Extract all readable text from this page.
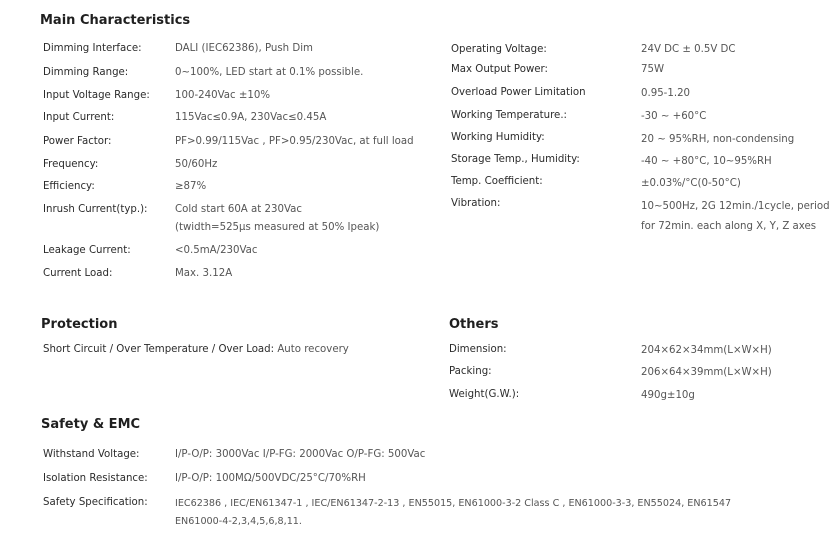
Main Characteristics
Dimming Interface:	DALI (IEC62386), Push Dim
Dimming Range:	0~100%, LED start at 0.1% possible.
Input Voltage Range: 100-240Vac ±10%
Input Current:	115Vac≤0.9A, 230Vac≤0.45A
Power Factor:	PF>0.99/115Vac , PF>0.95/230Vac, at full load
Frequency:	50/60Hz
Efficiency:	≥87%
Inrush Current(typ.):	Cold start 60A at 230Vac
(twidth=525μs measured at 50% Ipeak)
Leakage Current:	<0.5mA/230Vac
Current Load:	Max. 3.12A
Operating Voltage:	24V DC ± 0.5V DC
Max Output Power:	75W
Overload Power Limitation	0.95-1.20
Working Temperature.:	-30 ~ +60°C
Working Humidity:	20 ~ 95%RH, non-condensing
Storage Temp., Humidity:	-40 ~ +80°C, 10~95%RH
Temp. Coefficient:	±0.03%/°C(0-50°C)
Vibration:	10~500Hz, 2G 12min./1cycle, period
for 72min. each along X, Y, Z axes
Protection
Short Circuit / Over Temperature / Over Load: Auto recovery
Others
Dimension:	204×62×34mm(L×W×H)
Packing:	206×64×39mm(L×W×H)
Weight(G.W.):	490g±10g
Safety & EMC
Withstand Voltage:	I/P-O/P: 3000Vac I/P-FG: 2000Vac O/P-FG: 500Vac
Isolation Resistance:	I/P-O/P: 100MΩ/500VDC/25°C/70%RH
Safety Specification:	IEC62386 , IEC/EN61347-1 , IEC/EN61347-2-13 , EN55015, EN61000-3-2 Class C , EN61000-3-3, EN55024, EN61547
EN61000-4-2,3,4,5,6,8,11.
